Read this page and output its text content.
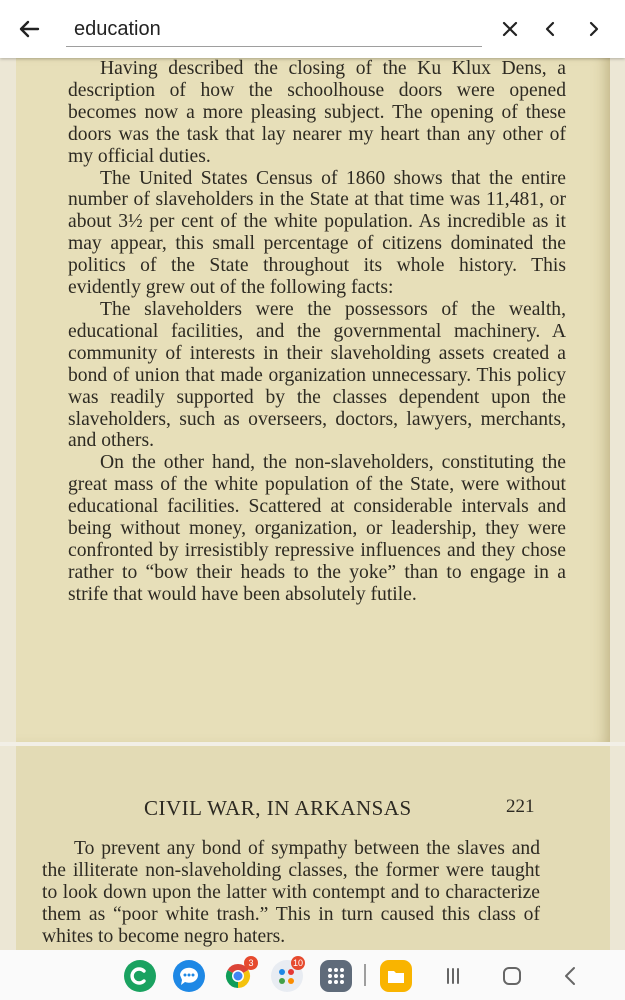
education

Having described the closing of the Ku Klux Dens, a description of how the schoolhouse doors were opened becomes now a more pleasing subject. The opening of these doors was the task that lay nearer my heart than any other of my official duties.

The United States Census of 1860 shows that the entire number of slaveholders in the State at that time was 11,481, or about 3½ per cent of the white population. As incredible as it may appear, this small percentage of citizens dominated the politics of the State throughout its whole history. This evidently grew out of the following facts:

The slaveholders were the possessors of the wealth, educational facilities, and the governmental machinery. A community of interests in their slaveholding assets created a bond of union that made organization unnecessary. This policy was readily supported by the classes dependent upon the slaveholders, such as overseers, doctors, lawyers, merchants, and others.

On the other hand, the non-slaveholders, constituting the great mass of the white population of the State, were without educational facilities. Scattered at considerable intervals and being without money, organization, or leadership, they were confronted by irresistibly repressive influences and they chose rather to “bow their heads to the yoke” than to engage in a strife that would have been absolutely futile.

CIVIL WAR, IN ARKANSAS	221

To prevent any bond of sympathy between the slaves and the illiterate non-slaveholding classes, the former were taught to look down upon the latter with contempt and to characterize them as “poor white trash.” This in turn caused this class of whites to become negro haters.

3	10
